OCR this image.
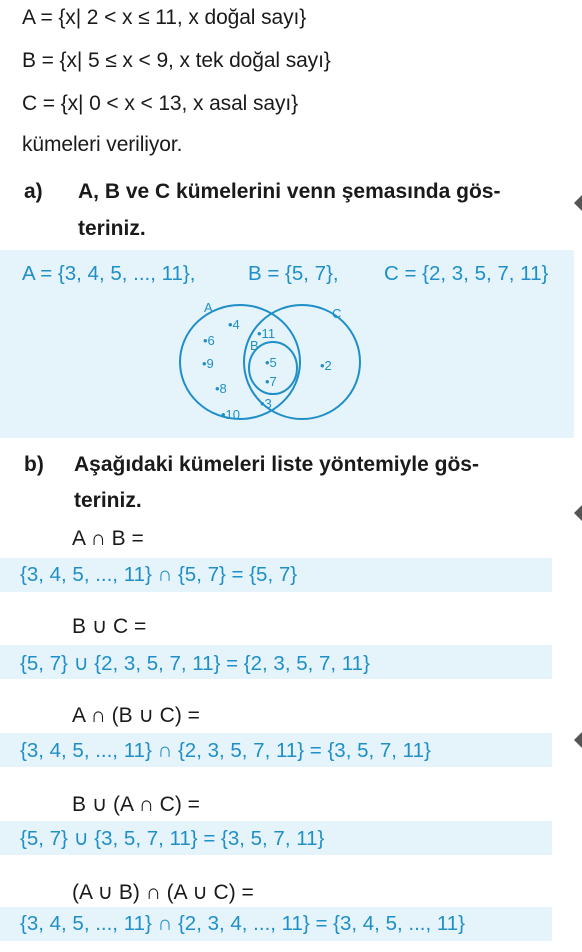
A = {x| 2 < x ≤ 11, x doğal sayı}
B = {x| 5 ≤ x < 9, x tek doğal sayı}
C = {x| 0 < x < 13, x asal sayı}
kümeleri veriliyor.
a) A, B ve C kümelerini venn şemasında gös-
teriniz.
A = {3, 4, 5, ..., 11},	B = {5, 7}, C = {2, 3, 5, 7, 11}
A	C
B
•4
•6
•9
•8
•10
•11
•5
•7
•3
•2
b) Aşağıdaki kümeleri liste yöntemiyle gös-
teriniz.
A ∩ B =
{3, 4, 5, ..., 11} ∩ {5, 7} = {5, 7}
B ∪ C =
{5, 7} ∪ {2, 3, 5, 7, 11} = {2, 3, 5, 7, 11}
A ∩ (B ∪ C) =
{3, 4, 5, ..., 11} ∩ {2, 3, 5, 7, 11} = {3, 5, 7, 11}
B ∪ (A ∩ C) =
{5, 7} ∪ {3, 5, 7, 11} = {3, 5, 7, 11}
(A ∪ B) ∩ (A ∪ C) =
{3, 4, 5, ..., 11} ∩ {2, 3, 4, ..., 11} = {3, 4, 5, ..., 11}
